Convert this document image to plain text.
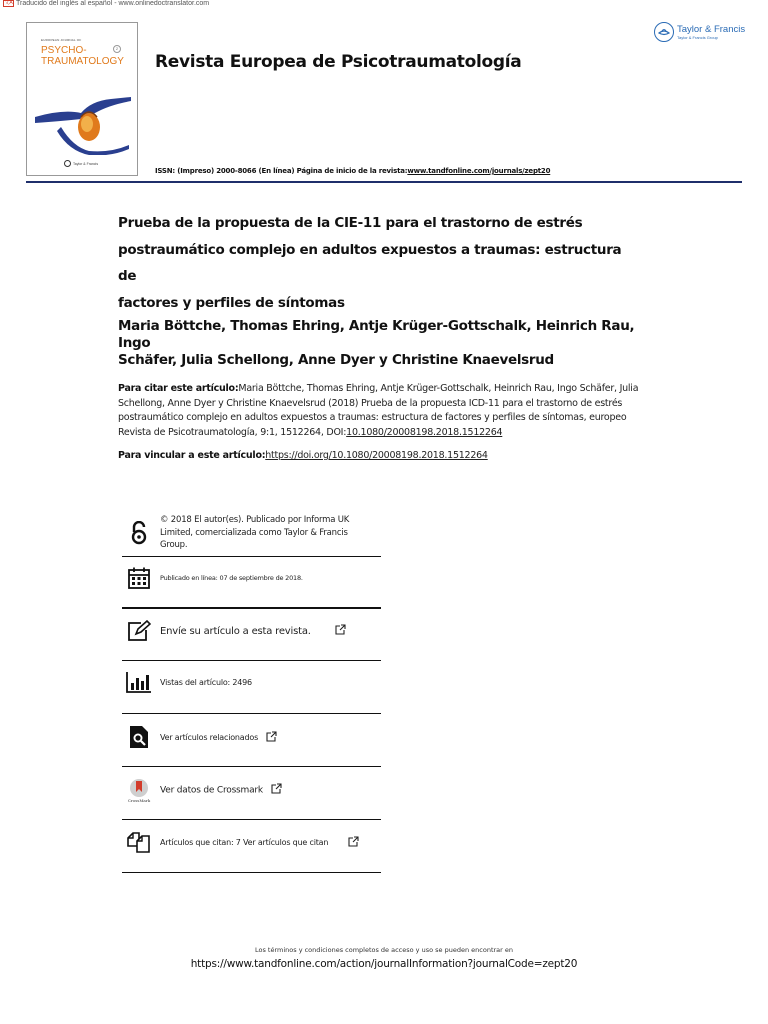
文A Traducido del inglés al español - www.onlinedoctranslator.com
EUROPEAN JOURNAL OF
PSYCHO-
TRAUMATOLOGY
2
Taylor & Francis
Revista Europea de Psicotraumatología
Taylor & Francis
Taylor & Francis Group
ISSN: (Impreso) 2000-8066 (En línea) Página de inicio de la revista:www.tandfonline.com/journals/zept20
Prueba de la propuesta de la CIE-11 para el trastorno de estrés
postraumático complejo en adultos expuestos a traumas: estructura de
factores y perfiles de síntomas
Maria Böttche, Thomas Ehring, Antje Krüger-Gottschalk, Heinrich Rau, Ingo
Schäfer, Julia Schellong, Anne Dyer y Christine Knaevelsrud
Para citar este artículo:Maria Böttche, Thomas Ehring, Antje Krüger-Gottschalk, Heinrich Rau, Ingo Schäfer, Julia Schellong, Anne Dyer y Christine Knaevelsrud (2018) Prueba de la propuesta ICD-11 para el trastorno de estrés postraumático complejo en adultos expuestos a traumas: estructura de factores y perfiles de síntomas, europeo Revista de Psicotraumatología, 9:1, 1512264, DOI:10.1080/20008198.2018.1512264
Para vincular a este artículo:https://doi.org/10.1080/20008198.2018.1512264
© 2018 El autor(es). Publicado por Informa UK Limited, comercializada como Taylor & Francis Group.
Publicado en línea: 07 de septiembre de 2018.
Envíe su artículo a esta revista.
Vistas del artículo: 2496
Ver artículos relacionados
CrossMark
Ver datos de Crossmark
Artículos que citan: 7 Ver artículos que citan
Los términos y condiciones completos de acceso y uso se pueden encontrar en
https://www.tandfonline.com/action/journalInformation?journalCode=zept20
